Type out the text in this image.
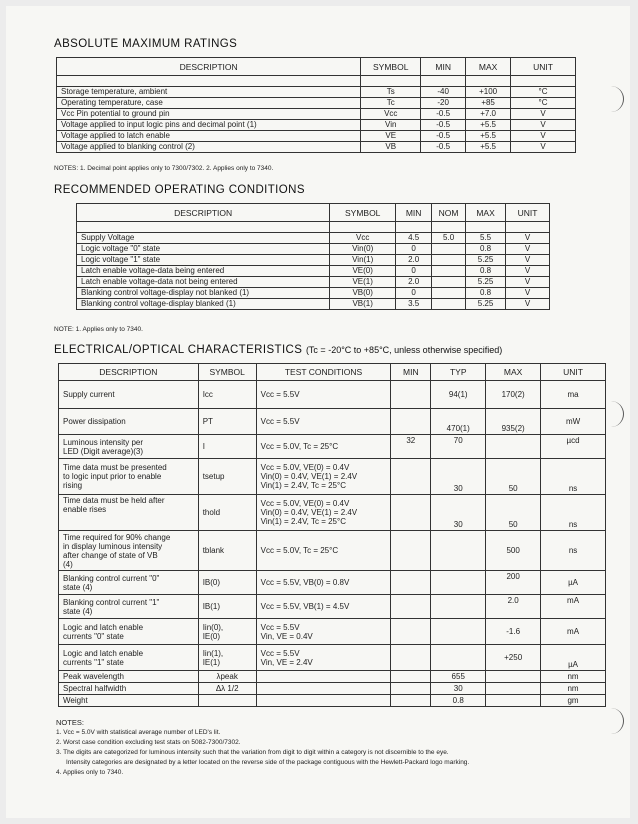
ABSOLUTE MAXIMUM RATINGS
DESCRIPTION	SYMBOL	MIN	MAX	UNIT

Storage temperature, ambient	Ts	-40	+100	°C
Operating temperature, case	Tc	-20	+85	°C
Vcc Pin potential to ground pin	Vcc	-0.5	+7.0	V
Voltage applied to input logic pins and decimal point (1)	Vin	-0.5	+5.5	V
Voltage applied to latch enable	VE	-0.5	+5.5	V
Voltage applied to blanking control (2)	VB	-0.5	+5.5	V
NOTES: 1. Decimal point applies only to 7300/7302. 2. Applies only to 7340.
RECOMMENDED OPERATING CONDITIONS
DESCRIPTION	SYMBOL	MIN	NOM	MAX	UNIT

Supply Voltage	Vcc	4.5	5.0	5.5	V
Logic voltage "0" state	Vin(0)	0		0.8	V
Logic voltage "1" state	Vin(1)	2.0		5.25	V
Latch enable voltage-data being entered	VE(0)	0		0.8	V
Latch enable voltage-data not being entered	VE(1)	2.0		5.25	V
Blanking control voltage-display not blanked (1)	VB(0)	0		0.8	V
Blanking control voltage-display blanked (1)	VB(1)	3.5		5.25	V
NOTE: 1. Applies only to 7340.
ELECTRICAL/OPTICAL CHARACTERISTICS (Tc = -20°C to +85°C, unless otherwise specified)
DESCRIPTION	SYMBOL	TEST CONDITIONS	MIN	TYP	MAX	UNIT
Supply current	Icc	Vcc = 5.5V		94(1)	170(2)	ma
Power dissipation	PT	Vcc = 5.5V		470(1)	935(2)	mW
Luminous intensity per
LED (Digit average)(3)	I	Vcc = 5.0V, Tc = 25°C	32	70		µcd
Time data must be presented
to logic input prior to enable
rising	tsetup	Vcc = 5.0V, VE(0) = 0.4V
Vin(0) = 0.4V, VE(1) = 2.4V
Vin(1) = 2.4V, Tc = 25°C		30	50	ns
Time data must be held after
enable rises	thold	Vcc = 5.0V, VE(0) = 0.4V
Vin(0) = 0.4V, VE(1) = 2.4V
Vin(1) = 2.4V, Tc = 25°C		30	50	ns
Time required for 90% change
in display luminous intensity
after change of state of VB
(4)	tblank	Vcc = 5.0V, Tc = 25°C			500	ns
Blanking control current "0"
state (4)	IB(0)	Vcc = 5.5V, VB(0) = 0.8V			200	µA
Blanking control current "1"
state (4)	IB(1)	Vcc = 5.5V, VB(1) = 4.5V			2.0	mA
Logic and latch enable
currents "0" state	Iin(0),
IE(0)	Vcc = 5.5V
Vin, VE = 0.4V			-1.6	mA
Logic and latch enable
currents "1" state	Iin(1),
IE(1)	Vcc = 5.5V
Vin, VE = 2.4V			+250	µA
Peak wavelength	λpeak			655		nm
Spectral halfwidth	Δλ 1/2			30		nm
Weight				0.8		gm
NOTES:
1. Vcc = 5.0V with statistical average number of LED's lit.
2. Worst case condition excluding test stats on 5082-7300/7302.
3. The digits are categorized for luminous intensity such that the variation from digit to digit within a category is not discernible to the eye.
Intensity categories are designated by a letter located on the reverse side of the package contiguous with the Hewlett-Packard logo marking.
4. Applies only to 7340.
